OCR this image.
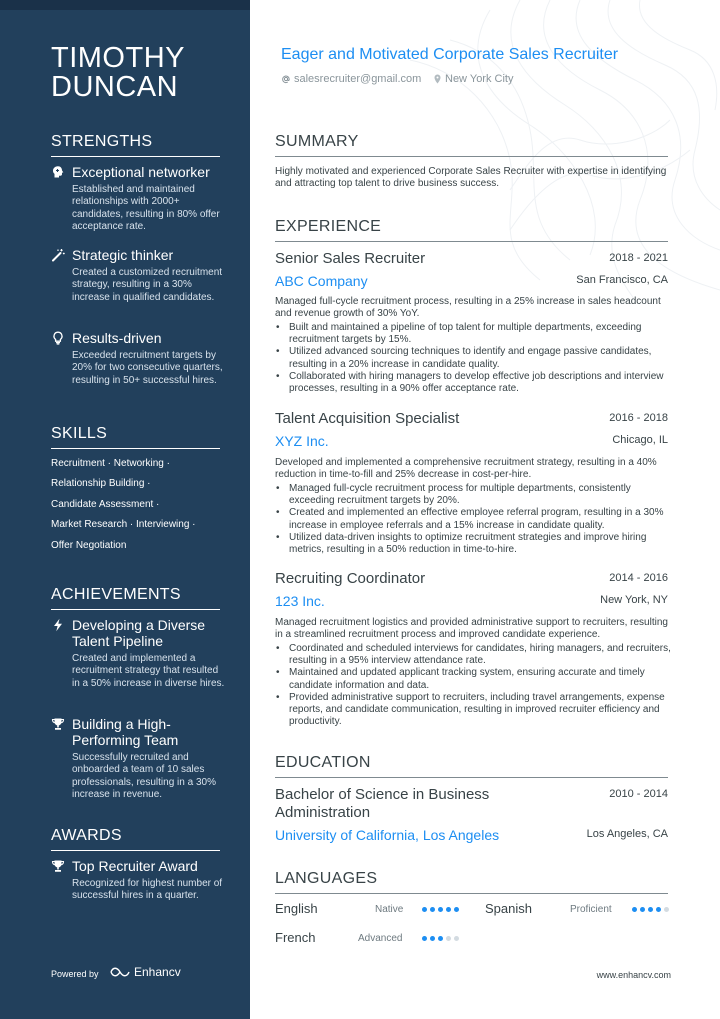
TIMOTHY
DUNCAN
STRENGTHS
Exceptional networker
Established and maintained relationships with 2000+ candidates, resulting in 80% offer acceptance rate.
Strategic thinker
Created a customized recruitment strategy, resulting in a 30% increase in qualified candidates.
Results-driven
Exceeded recruitment targets by 20% for two consecutive quarters, resulting in 50+ successful hires.
SKILLS
Recruitment · Networking ·
Relationship Building ·
Candidate Assessment ·
Market Research · Interviewing ·
Offer Negotiation
ACHIEVEMENTS
Developing a Diverse Talent Pipeline
Created and implemented a recruitment strategy that resulted in a 50% increase in diverse hires.
Building a High-Performing Team
Successfully recruited and onboarded a team of 10 sales professionals, resulting in a 30% increase in revenue.
AWARDS
Top Recruiter Award
Recognized for highest number of successful hires in a quarter.
Powered by	Enhancv
Eager and Motivated Corporate Sales Recruiter
salesrecruiter@gmail.com New York City
SUMMARY
Highly motivated and experienced Corporate Sales Recruiter with expertise in identifying and attracting top talent to drive business success.
EXPERIENCE
Senior Sales Recruiter	2018 - 2021
ABC Company	San Francisco, CA
Managed full-cycle recruitment process, resulting in a 25% increase in sales headcount and revenue growth of 30% YoY.
• Built and maintained a pipeline of top talent for multiple departments, exceeding recruitment targets by 15%.
• Utilized advanced sourcing techniques to identify and engage passive candidates, resulting in a 20% increase in candidate quality.
• Collaborated with hiring managers to develop effective job descriptions and interview processes, resulting in a 90% offer acceptance rate.
Talent Acquisition Specialist	2016 - 2018
XYZ Inc.	Chicago, IL
Developed and implemented a comprehensive recruitment strategy, resulting in a 40% reduction in time-to-fill and 25% decrease in cost-per-hire.
• Managed full-cycle recruitment process for multiple departments, consistently exceeding recruitment targets by 20%.
• Created and implemented an effective employee referral program, resulting in a 30% increase in employee referrals and a 15% increase in candidate quality.
• Utilized data-driven insights to optimize recruitment strategies and improve hiring metrics, resulting in a 50% reduction in time-to-hire.
Recruiting Coordinator	2014 - 2016
123 Inc.	New York, NY
Managed recruitment logistics and provided administrative support to recruiters, resulting in a streamlined recruitment process and improved candidate experience.
• Coordinated and scheduled interviews for candidates, hiring managers, and recruiters, resulting in a 95% interview attendance rate.
• Maintained and updated applicant tracking system, ensuring accurate and timely candidate information and data.
• Provided administrative support to recruiters, including travel arrangements, expense reports, and candidate communication, resulting in improved recruiter efficiency and productivity.
EDUCATION
Bachelor of Science in Business
Administration
2010 - 2014
University of California, Los Angeles	Los Angeles, CA
LANGUAGES
English	Native	Spanish	Proficient
French	Advanced
www.enhancv.com
